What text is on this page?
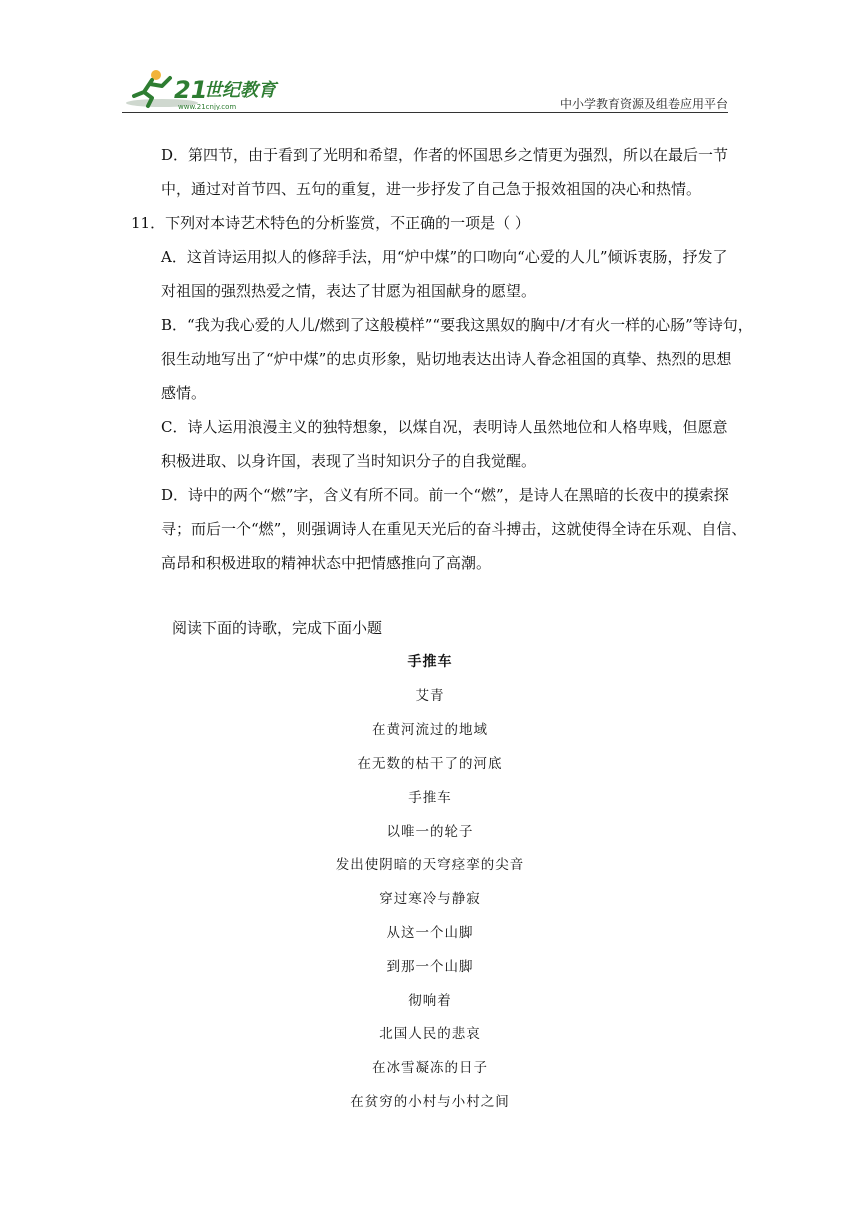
21
世纪教育
www.21cnjy.com	中小学教育资源及组卷应用平台
D．第四节，由于看到了光明和希望，作者的怀国思乡之情更为强烈，所以在最后一节
中，通过对首节四、五句的重复，进一步抒发了自己急于报效祖国的决心和热情。
11．下列对本诗艺术特色的分析鉴赏，不正确的一项是（ ）
A．这首诗运用拟人的修辞手法，用“炉中煤”的口吻向“心爱的人儿”倾诉衷肠，抒发了
对祖国的强烈热爱之情，表达了甘愿为祖国献身的愿望。
B．“我为我心爱的人儿/燃到了这般模样”“要我这黑奴的胸中/才有火一样的心肠”等诗句，
很生动地写出了“炉中煤”的忠贞形象，贴切地表达出诗人眷念祖国的真挚、热烈的思想
感情。
C．诗人运用浪漫主义的独特想象，以煤自况，表明诗人虽然地位和人格卑贱，但愿意
积极进取、以身许国，表现了当时知识分子的自我觉醒。
D．诗中的两个“燃”字，含义有所不同。前一个“燃”，是诗人在黑暗的长夜中的摸索探
寻；而后一个“燃”，则强调诗人在重见天光后的奋斗搏击，这就使得全诗在乐观、自信、
高昂和积极进取的精神状态中把情感推向了高潮。
阅读下面的诗歌，完成下面小题
手推车
艾青
在黄河流过的地域
在无数的枯干了的河底
手推车
以唯一的轮子
发出使阴暗的天穹痉挛的尖音
穿过寒冷与静寂
从这一个山脚
到那一个山脚
彻响着
北国人民的悲哀
在冰雪凝冻的日子
在贫穷的小村与小村之间
